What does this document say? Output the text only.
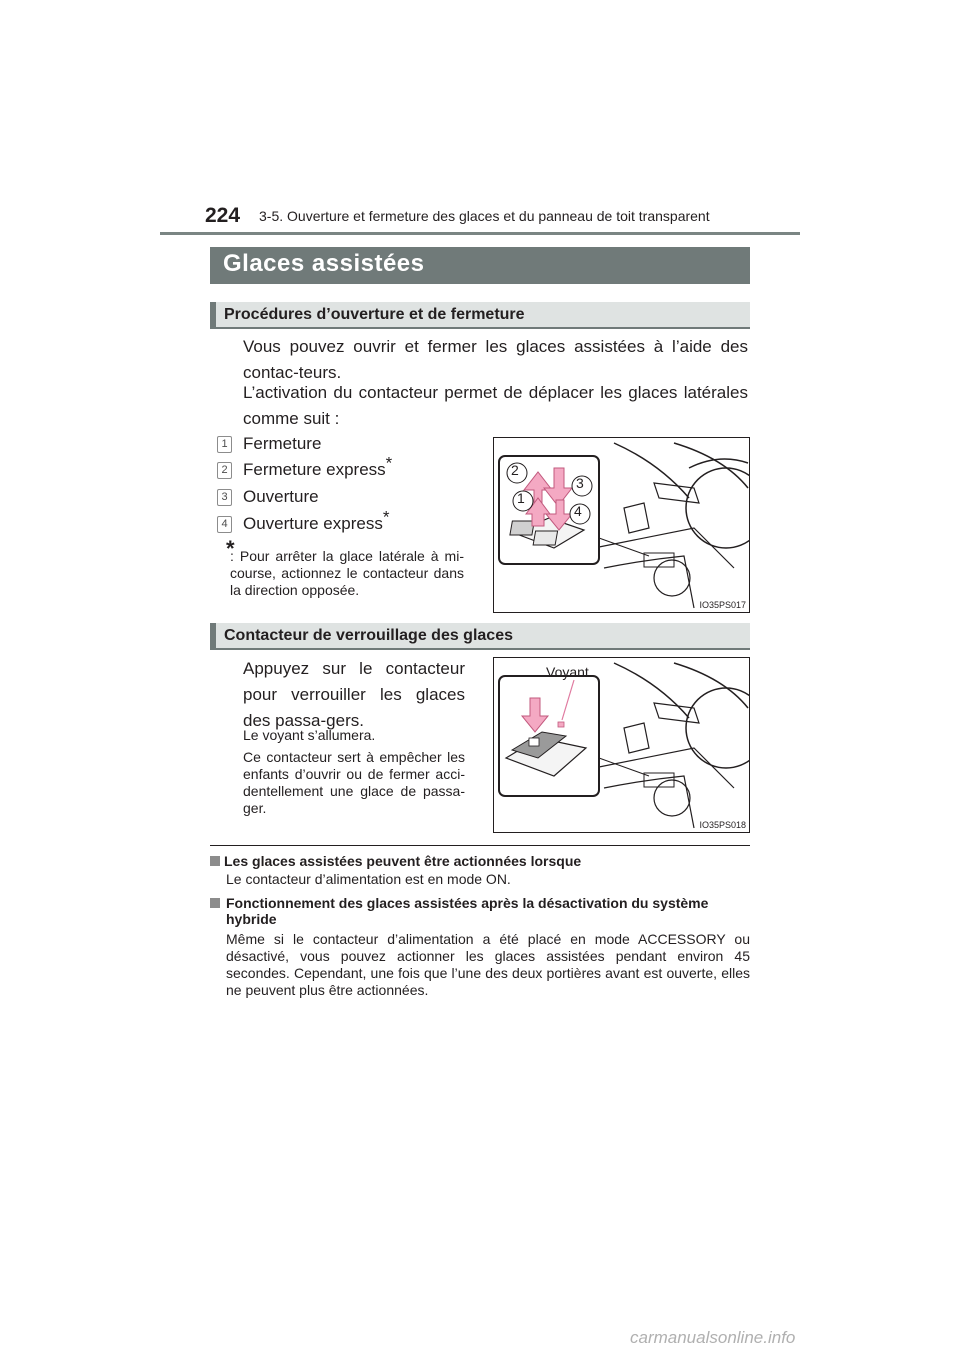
224 3-5. Ouverture et fermeture des glaces et du panneau de toit transparent
Glaces assistées
Procédures d’ouverture et de fermeture
Vous pouvez ouvrir et fermer les glaces assistées à l’aide des contac-teurs.
L’activation du contacteur permet de déplacer les glaces latérales comme suit :
1 Fermeture
2 Fermeture express*
3 Ouverture
4 Ouverture express*
*
: Pour arrêter la glace latérale à mi-course, actionnez le contacteur dans la direction opposée.
2
3
1
4
IO35PS017
Contacteur de verrouillage des glaces
Appuyez sur le contacteur pour verrouiller les glaces des passa-gers.
Le voyant s’allumera.
Ce contacteur sert à empêcher les enfants d’ouvrir ou de fermer acci-dentellement une glace de passa-ger.
Voyant
IO35PS018
Les glaces assistées peuvent être actionnées lorsque
Le contacteur d’alimentation est en mode ON.
Fonctionnement des glaces assistées après la désactivation du système hybride
Même si le contacteur d’alimentation a été placé en mode ACCESSORY ou désactivé, vous pouvez actionner les glaces assistées pendant environ 45 secondes. Cependant, une fois que l’une des deux portières avant est ouverte, elles ne peuvent plus être actionnées.
carmanualsonline.info
